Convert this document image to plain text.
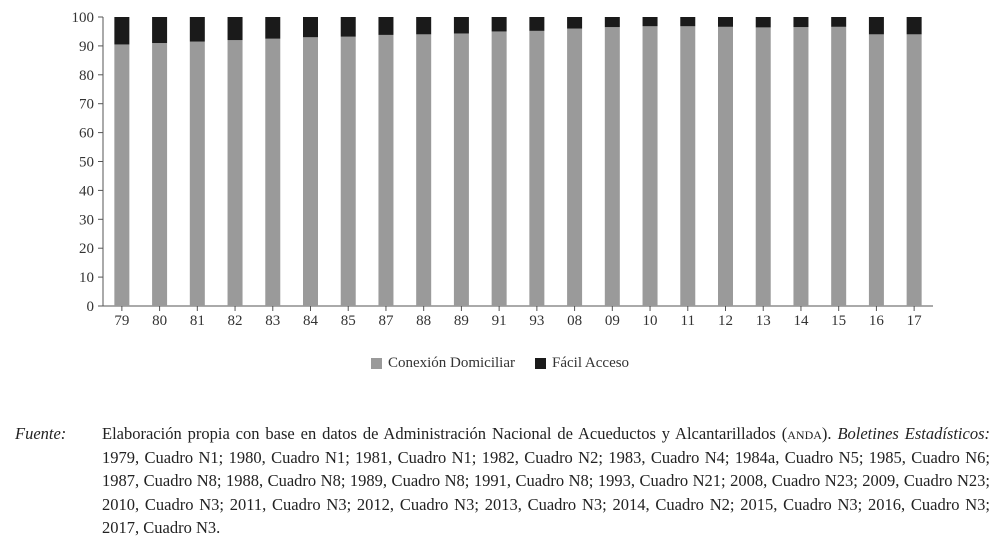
0
10
20
30
40
50
60
70
80
90
100
79 80 81 82 83 84 85 87 88 89 91 93 08 09 10 11 12 13 14 15 16 17
Conexión Domiciliar Fácil Acceso
Fuente: Elaboración propia con base en datos de Administración Nacional de Acueductos y Alcantarillados (anda). Boletines Estadísticos: 1979, Cuadro N1; 1980, Cuadro N1; 1981, Cuadro N1; 1982, Cuadro N2; 1983, Cuadro N4; 1984a, Cuadro N5; 1985, Cuadro N6; 1987, Cuadro N8; 1988, Cuadro N8; 1989, Cuadro N8; 1991, Cuadro N8; 1993, Cuadro N21; 2008, Cuadro N23; 2009, Cuadro N23; 2010, Cuadro N3; 2011, Cuadro N3; 2012, Cuadro N3; 2013, Cuadro N3; 2014, Cuadro N2; 2015, Cuadro N3; 2016, Cuadro N3; 2017, Cuadro N3.
